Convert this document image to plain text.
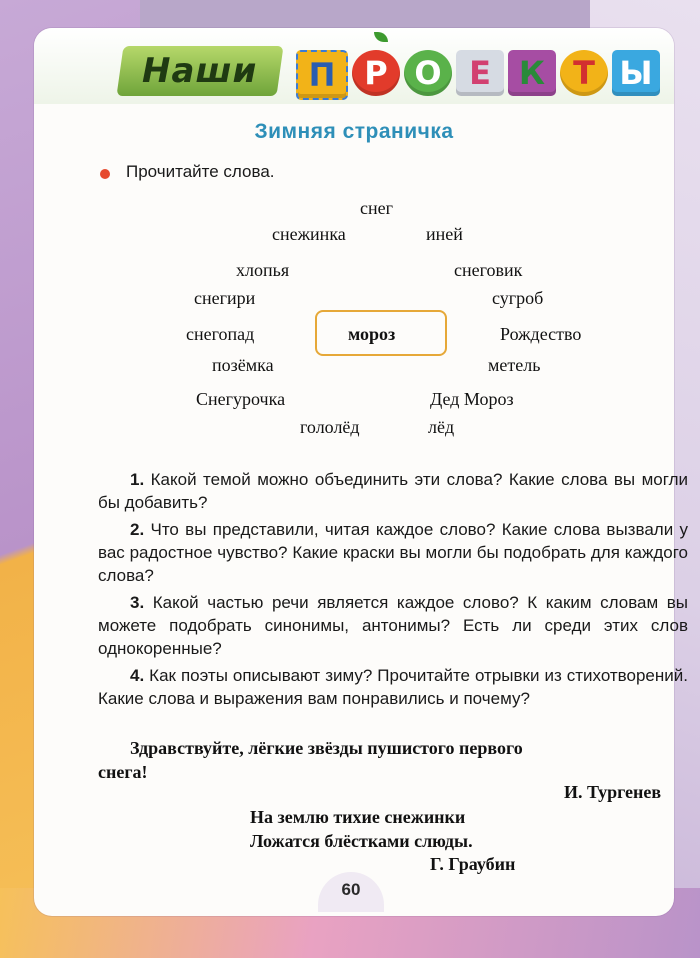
Наши	П Р О Е К Т Ы
Зимняя страничка
Прочитайте слова.
снег
снежинка	иней
хлопья	снеговик
снегири	сугроб
снегопад	мороз	Рождество
позёмка	метель
Снегурочка	Дед Мороз
гололёд	лёд
1. Какой темой можно объединить эти слова? Какие слова вы могли бы добавить?
2. Что вы представили, читая каждое слово? Какие слова вызвали у вас радостное чувство? Какие краски вы могли бы подобрать для каждого слова?
3. Какой частью речи является каждое слово? К каким словам вы можете подобрать синонимы, антонимы? Есть ли среди этих слов однокоренные?
4. Как поэты описывают зиму? Прочитайте отрывки из стихотворений. Какие слова и выражения вам понравились и почему?
Здравствуйте, лёгкие звёзды пушистого первого
снега!
И. Тургенев
На землю тихие снежинки
Ложатся блёстками слюды.
Г. Граубин
60
